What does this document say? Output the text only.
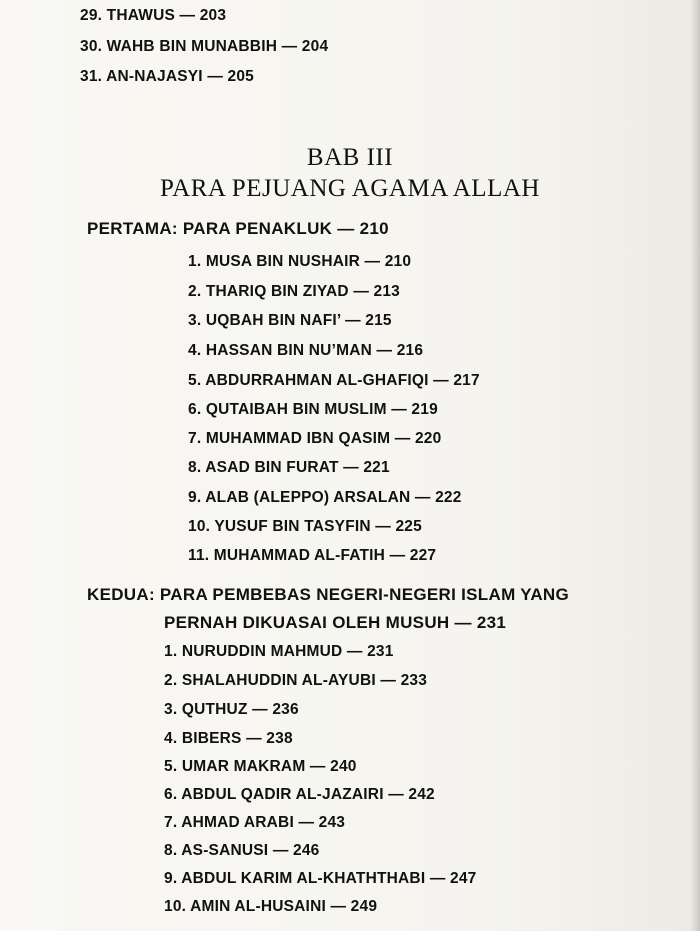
29. THAWUS — 203
30. WAHB BIN MUNABBIH — 204
31. AN-NAJASYI — 205
BAB III
PARA PEJUANG AGAMA ALLAH
PERTAMA: PARA PENAKLUK — 210
1. MUSA BIN NUSHAIR — 210
2. THARIQ BIN ZIYAD — 213
3. UQBAH BIN NAFI’ — 215
4. HASSAN BIN NU’MAN — 216
5. ABDURRAHMAN AL-GHAFIQI — 217
6. QUTAIBAH BIN MUSLIM — 219
7. MUHAMMAD IBN QASIM — 220
8. ASAD BIN FURAT — 221
9. ALAB (ALEPPO) ARSALAN — 222
10. YUSUF BIN TASYFIN — 225
11. MUHAMMAD AL-FATIH — 227
KEDUA: PARA PEMBEBAS NEGERI-NEGERI ISLAM YANG
PERNAH DIKUASAI OLEH MUSUH — 231
1. NURUDDIN MAHMUD — 231
2. SHALAHUDDIN AL-AYUBI — 233
3. QUTHUZ — 236
4. BIBERS — 238
5. UMAR MAKRAM — 240
6. ABDUL QADIR AL-JAZAIRI — 242
7. AHMAD ARABI — 243
8. AS-SANUSI — 246
9. ABDUL KARIM AL-KHATHTHABI — 247
10. AMIN AL-HUSAINI — 249
